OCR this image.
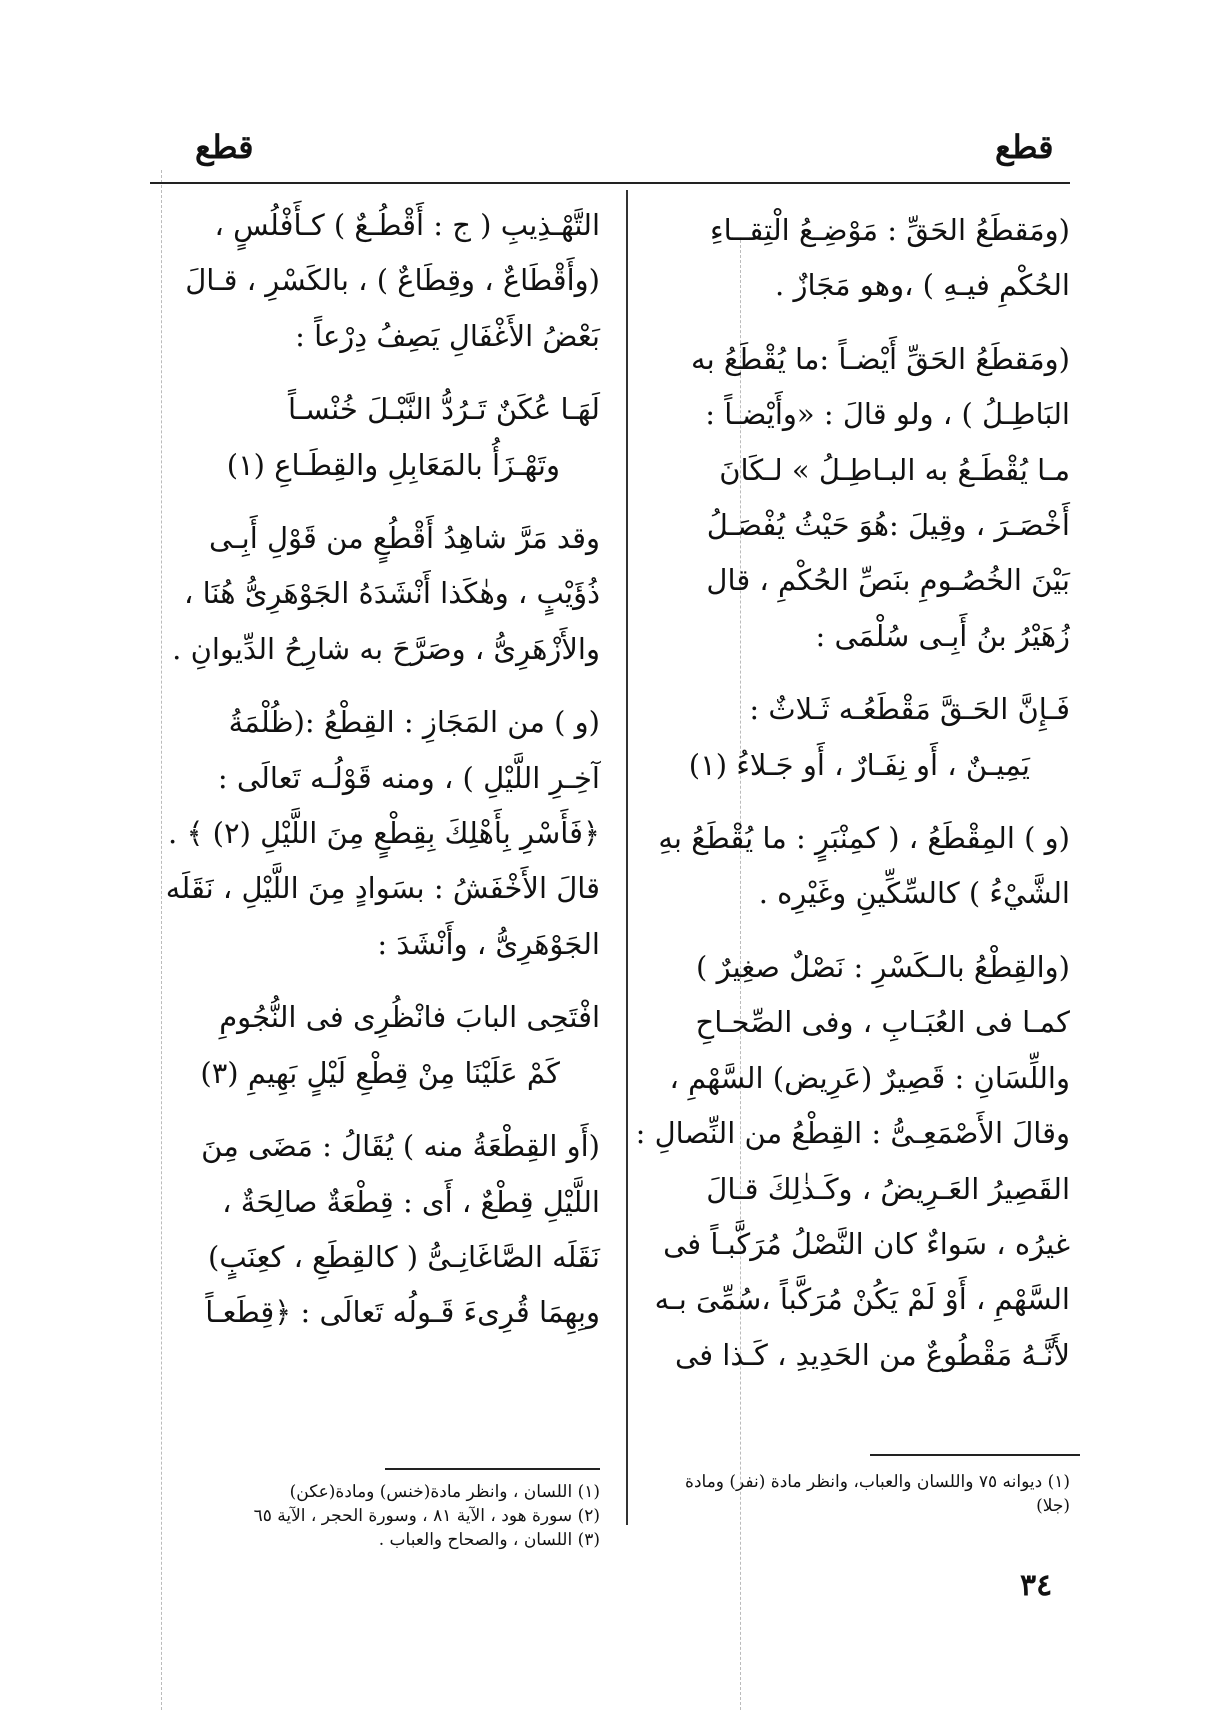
قطع
قطع

(ومَقطَعُ الحَقِّ : مَوْضِـعُ الْتِقــاءِ

الحُكْمِ فيـهِ ) ،وهو مَجَازٌ .

(ومَقطَعُ الحَقِّ أَيْضـاً :ما يُقْطَعُ به

البَاطِـلُ ) ، ولو قالَ : «وأَيْضـاً :

مـا يُقْطَـعُ به البـاطِـلُ » لـكَانَ

أَخْصَـرَ ، وقِيلَ :هُوَ حَيْثُ يُفْصَـلُ

بَيْنَ الخُصُـومِ بنَصِّ الحُكْمِ ، قال

زُهَيْرُ بنُ أَبِـى سُلْمَى :

فَـإِنَّ الحَـقَّ مَقْطَعُـه ثَـلاثٌ :

يَمِيـنٌ ، أَو نِفَـارٌ ، أَو جَـلاءُ (١)

(و ) المِقْطَعُ ، ( كمِنْبَرٍ : ما يُقْطَعُ بهِ

الشَّيْءُ ) كالسِّكِّينِ وغَيْرِه .

(والقِطْعُ بالـكَسْرِ : نَصْلٌ صغِيرٌ )

كمـا فى العُبَـابِ ، وفى الصِّحـاحِ

واللِّسَانِ : قَصِيرٌ (عَرِيض) السَّهْمِ ،

وقالَ الأَصْمَعِـىُّ : القِطْعُ من النِّصالِ :

القَصِيرُ العَـرِيضُ ، وكَـذٰلِكَ قـالَ

غيرُه ، سَواءٌ كان النَّصْلُ مُرَكَّبـاً فى

السَّهْمِ ، أَوْ لَمْ يَكُنْ مُرَكَّباً ،سُمِّىَ بـه

لأَنَّـهُ مَقْطُوعٌ من الحَدِيدِ ، كَـذا فى

التَّهْـذِيبِ ( ج : أَقْطُـعٌ ) كـأَفْلُسٍ ،

(وأَقْطَاعٌ ، وقِطَاعٌ ) ، بالكَسْرِ ، قـالَ

بَعْضُ الأَغْفَالِ يَصِفُ دِرْعاً :

لَهَـا عُكَنٌ تَـرُدُّ النَّبْـلَ خُنْسـاً

وتَهْـزَأُ بالمَعَابِلِ والقِطَـاعِ (١)

وقد مَرَّ شاهِدُ أَقْطُعٍ من قَوْلِ أَبِـى

ذُؤَيْبٍ ، وهٰكَذا أَنْشَدَهُ الجَوْهَرِىُّ هُنَا ،

والأَزْهَرِىُّ ، وصَرَّحَ به شارِحُ الدِّيوانِ .

(و ) من المَجَازِ : القِطْعُ :(ظُلْمَةُ

آخِـرِ اللَّيْلِ ) ، ومنه قَوْلُـه تَعالَى :

﴿فَأَسْرِ بِأَهْلِكَ بِقِطْعٍ مِنَ اللَّيْلِ (٢) ﴾ .

قالَ الأَخْفَشُ : بسَوادٍ مِنَ اللَّيْلِ ، نَقَلَه

الجَوْهَرِىُّ ، وأَنْشَدَ :

افْتَحِى البابَ فانْظُرِى فى النُّجُومِ

كَمْ عَلَيْنَا مِنْ قِطْعِ لَيْلٍ بَهِيمِ (٣)

(أَو القِطْعَةُ منه ) يُقَالُ : مَضَى مِنَ

اللَّيْلِ قِطْعٌ ، أَى : قِطْعَةٌ صالِحَةٌ ،

نَقَلَه الصَّاغَانِـىُّ ( كالقِطَعِ ، كعِنَبٍ)

وبِهِمَا قُرِىءَ قَـولُه تَعالَى : ﴿قِطَعـاً

(١) ديوانه ٧٥ واللسان والعباب، وانظر مادة (نفر) ومادة

(جلا)

(١) اللسان ، وانظر مادة(خنس) ومادة(عكن)

(٢) سورة هود ، الآية ٨١ ، وسورة الحجر ، الآية ٦٥

(٣) اللسان ، والصحاح والعباب .

٣٤
